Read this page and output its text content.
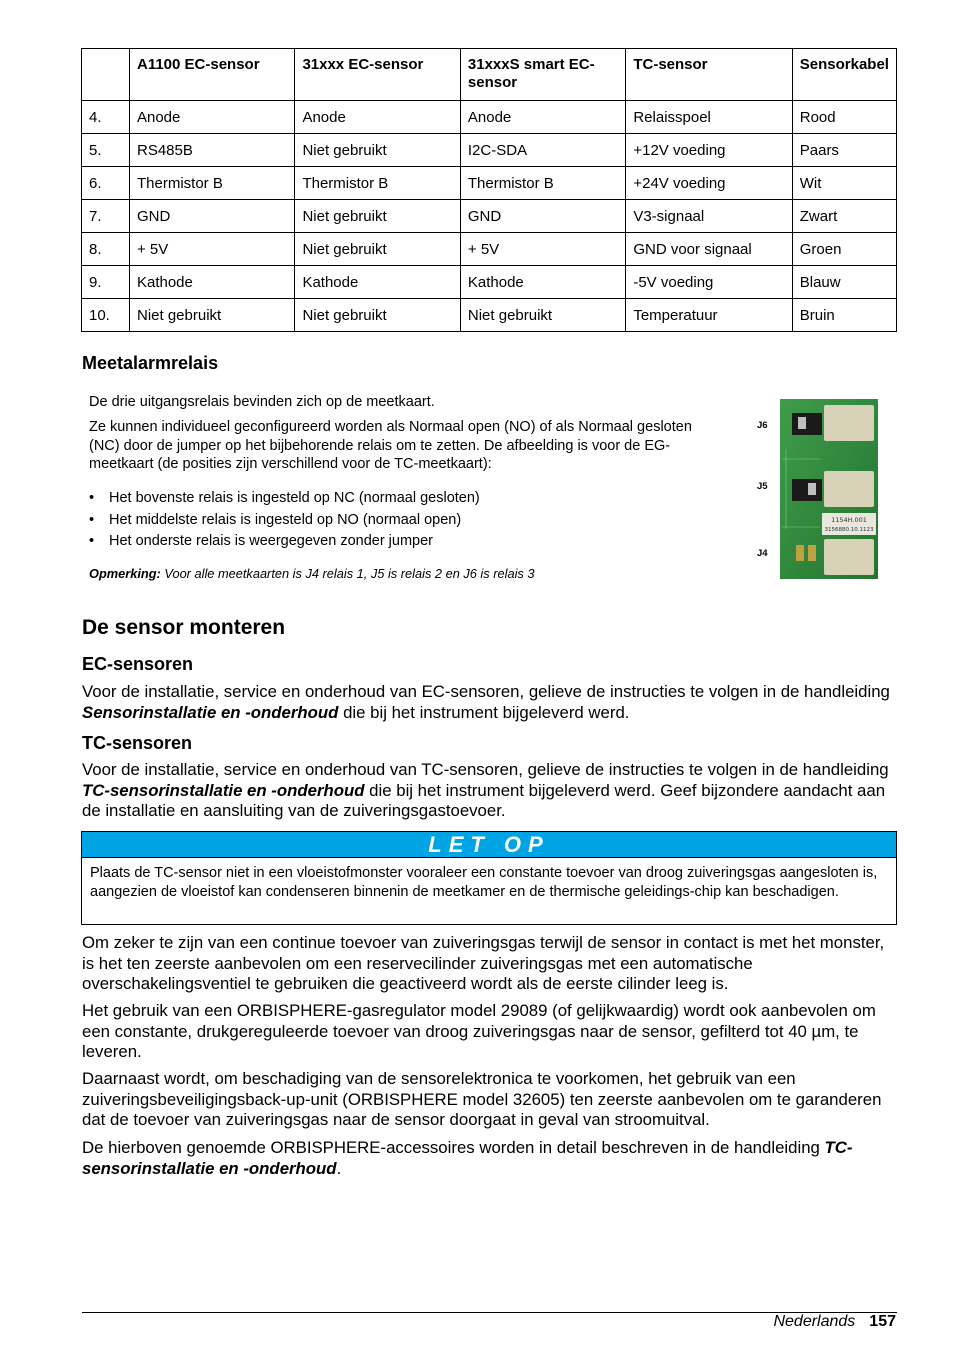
	A1100 EC-sensor	31xxx EC-sensor	31xxxS smart EC-sensor	TC-sensor	Sensorkabel
4.	Anode	Anode	Anode	Relaisspoel	Rood
5.	RS485B	Niet gebruikt	I2C-SDA	+12V voeding	Paars
6.	Thermistor B	Thermistor B	Thermistor B	+24V voeding	Wit
7.	GND	Niet gebruikt	GND	V3-signaal	Zwart
8.	+ 5V	Niet gebruikt	+ 5V	GND voor signaal	Groen
9.	Kathode	Kathode	Kathode	-5V voeding	Blauw
10.	Niet gebruikt	Niet gebruikt	Niet gebruikt	Temperatuur	Bruin
Meetalarmrelais
De drie uitgangsrelais bevinden zich op de meetkaart.
Ze kunnen individueel geconfigureerd worden als Normaal open (NO) of als Normaal gesloten (NC) door de jumper op het bijbehorende relais om te zetten. De afbeelding is voor de EG-meetkaart (de posities zijn verschillend voor de TC-meetkaart):
• Het bovenste relais is ingesteld op NC (normaal gesloten)
• Het middelste relais is ingesteld op NO (normaal open)
• Het onderste relais is weergegeven zonder jumper
Opmerking: Voor alle meetkaarten is J4 relais 1, J5 is relais 2 en J6 is relais 3
J6
J5
J4
1154H.001
3156880.10.1123
De sensor monteren
EC-sensoren
Voor de installatie, service en onderhoud van EC-sensoren, gelieve de instructies te volgen in de handleiding Sensorinstallatie en -onderhoud die bij het instrument bijgeleverd werd.
TC-sensoren
Voor de installatie, service en onderhoud van TC-sensoren, gelieve de instructies te volgen in de handleiding TC-sensorinstallatie en -onderhoud die bij het instrument bijgeleverd werd. Geef bijzondere aandacht aan de installatie en aansluiting van de zuiveringsgastoevoer.
LET OP
Plaats de TC-sensor niet in een vloeistofmonster vooraleer een constante toevoer van droog zuiveringsgas aangesloten is, aangezien de vloeistof kan condenseren binnenin de meetkamer en de thermische geleidings-chip kan beschadigen.
Om zeker te zijn van een continue toevoer van zuiveringsgas terwijl de sensor in contact is met het monster, is het ten zeerste aanbevolen om een reservecilinder zuiveringsgas met een automatische overschakelingsventiel te gebruiken die geactiveerd wordt als de eerste cilinder leeg is.
Het gebruik van een ORBISPHERE-gasregulator model 29089 (of gelijkwaardig) wordt ook aanbevolen om een constante, drukgereguleerde toevoer van droog zuiveringsgas naar de sensor, gefilterd tot 40 µm, te leveren.
Daarnaast wordt, om beschadiging van de sensorelektronica te voorkomen, het gebruik van een zuiveringsbeveiligingsback-up-unit (ORBISPHERE model 32605) ten zeerste aanbevolen om te garanderen dat de toevoer van zuiveringsgas naar de sensor doorgaat in geval van stroomuitval.
De hierboven genoemde ORBISPHERE-accessoires worden in detail beschreven in de handleiding TC-sensorinstallatie en -onderhoud.
Nederlands 157
